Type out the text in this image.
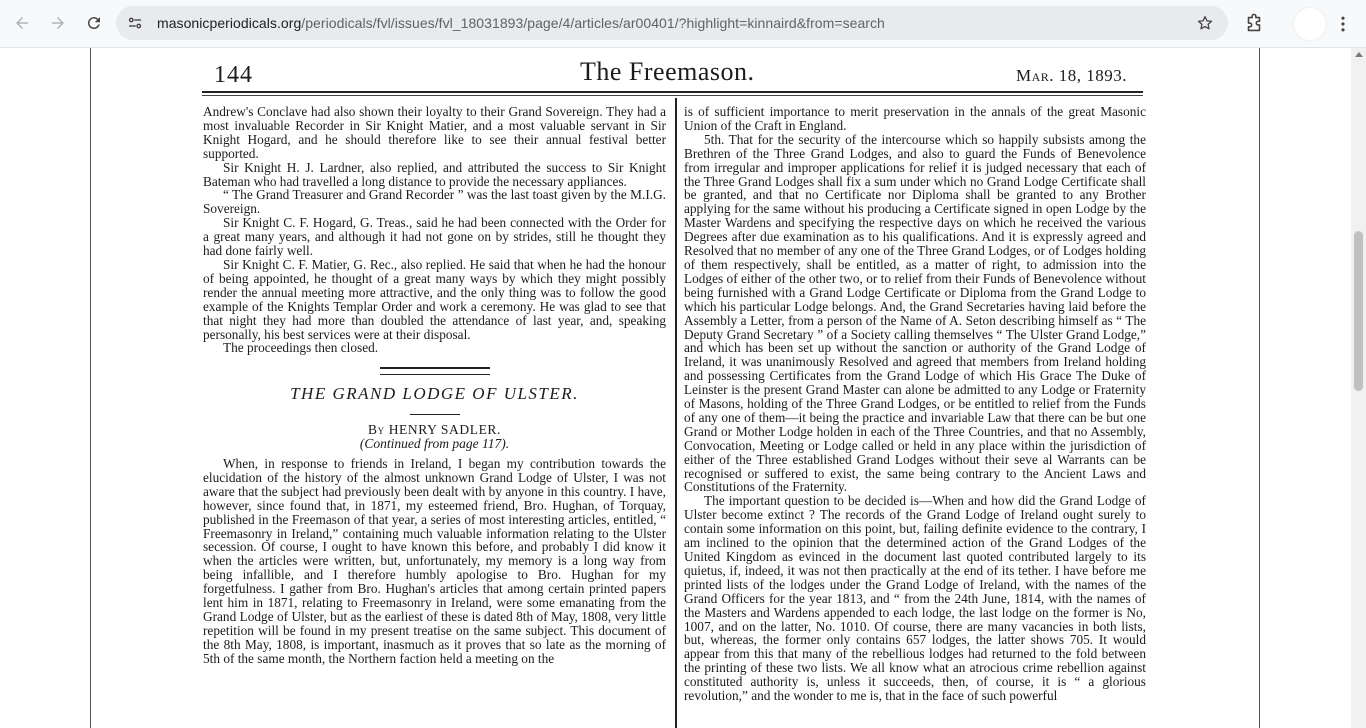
masonicperiodicals.org/periodicals/fvl/issues/fvl_18031893/page/4/articles/ar00401/?highlight=kinnaird&from=search
144	The Freemason.	Mar. 18, 1893.

Andrew's Conclave had also shown their loyalty to their Grand Sovereign. They had a most invaluable Recorder in Sir Knight Matier, and a most valuable servant in Sir Knight Hogard, and he should therefore like to see their annual festival better supported.

Sir Knight H. J. Lardner, also replied, and attributed the success to Sir Knight Bateman who had travelled a long distance to provide the necessary appliances.

“ The Grand Treasurer and Grand Recorder ” was the last toast given by the M.I.G. Sovereign.

Sir Knight C. F. Hogard, G. Treas., said he had been connected with the Order for a great many years, and although it had not gone on by strides, still he thought they had done fairly well.

Sir Knight C. F. Matier, G. Rec., also replied. He said that when he had the honour of being appointed, he thought of a great many ways by which they might possibly render the annual meeting more attractive, and the only thing was to follow the good example of the Knights Templar Order and work a ceremony. He was glad to see that that night they had more than doubled the attendance of last year, and, speaking personally, his best services were at their disposal.

The proceedings then closed.

THE GRAND LODGE OF ULSTER.
By HENRY SADLER.
(Continued from page 117).

When, in response to friends in Ireland, I began my contribution towards the elucidation of the history of the almost unknown Grand Lodge of Ulster, I was not aware that the subject had previously been dealt with by anyone in this country. I have, however, since found that, in 1871, my esteemed friend, Bro. Hughan, of Torquay, published in the Freemason of that year, a series of most interesting articles, entitled, “ Freemasonry in Ireland,” containing much valuable information relating to the Ulster secession. Of course, I ought to have known this before, and probably I did know it when the articles were written, but, unfortunately, my memory is a long way from being infallible, and I therefore humbly apologise to Bro. Hughan for my forgetfulness. I gather from Bro. Hughan's articles that among certain printed papers lent him in 1871, relating to Freemasonry in Ireland, were some emanating from the Grand Lodge of Ulster, but as the earliest of these is dated 8th of May, 1808, very little repetition will be found in my present treatise on the same subject. This document of the 8th May, 1808, is important, inasmuch as it proves that so late as the morning of 5th of the same month, the Northern faction held a meeting on the

is of sufficient importance to merit preservation in the annals of the great Masonic Union of the Craft in England.

5th. That for the security of the intercourse which so happily subsists among the Brethren of the Three Grand Lodges, and also to guard the Funds of Benevolence from irregular and improper applications for relief it is judged necessary that each of the Three Grand Lodges shall fix a sum under which no Grand Lodge Certificate shall be granted, and that no Certificate nor Diploma shall be granted to any Brother applying for the same without his producing a Certificate signed in open Lodge by the Master Wardens and specifying the respective days on which he received the various Degrees after due examination as to his qualifications. And it is expressly agreed and Resolved that no member of any one of the Three Grand Lodges, or of Lodges holding of them respectively, shall be entitled, as a matter of right, to admission into the Lodges of either of the other two, or to relief from their Funds of Benevolence without being furnished with a Grand Lodge Certificate or Diploma from the Grand Lodge to which his particular Lodge belongs. And, the Grand Secretaries having laid before the Assembly a Letter, from a person of the Name of A. Seton describing himself as “ The Deputy Grand Secretary ” of a Society calling themselves “ The Ulster Grand Lodge,” and which has been set up without the sanction or authority of the Grand Lodge of Ireland, it was unanimously Resolved and agreed that members from Ireland holding and possessing Certificates from the Grand Lodge of which His Grace The Duke of Leinster is the present Grand Master can alone be admitted to any Lodge or Fraternity of Masons, holding of the Three Grand Lodges, or be entitled to relief from the Funds of any one of them—it being the practice and invariable Law that there can be but one Grand or Mother Lodge holden in each of the Three Countries, and that no Assembly, Convocation, Meeting or Lodge called or held in any place within the jurisdiction of either of the Three established Grand Lodges without their seve al Warrants can be recognised or suffered to exist, the same being contrary to the Ancient Laws and Constitutions of the Fraternity.

The important question to be decided is—When and how did the Grand Lodge of Ulster become extinct ? The records of the Grand Lodge of Ireland ought surely to contain some information on this point, but, failing definite evidence to the contrary, I am inclined to the opinion that the determined action of the Grand Lodges of the United Kingdom as evinced in the document last quoted contributed largely to its quietus, if, indeed, it was not then practically at the end of its tether. I have before me printed lists of the lodges under the Grand Lodge of Ireland, with the names of the Grand Officers for the year 1813, and “ from the 24th June, 1814, with the names of the Masters and Wardens appended to each lodge, the last lodge on the former is No, 1007, and on the latter, No. 1010. Of course, there are many vacancies in both lists, but, whereas, the former only contains 657 lodges, the latter shows 705. It would appear from this that many of the rebellious lodges had returned to the fold between the printing of these two lists. We all know what an atrocious crime rebellion against constituted authority is, unless it succeeds, then, of course, it is “ a glorious revolution,” and the wonder to me is, that in the face of such powerful
